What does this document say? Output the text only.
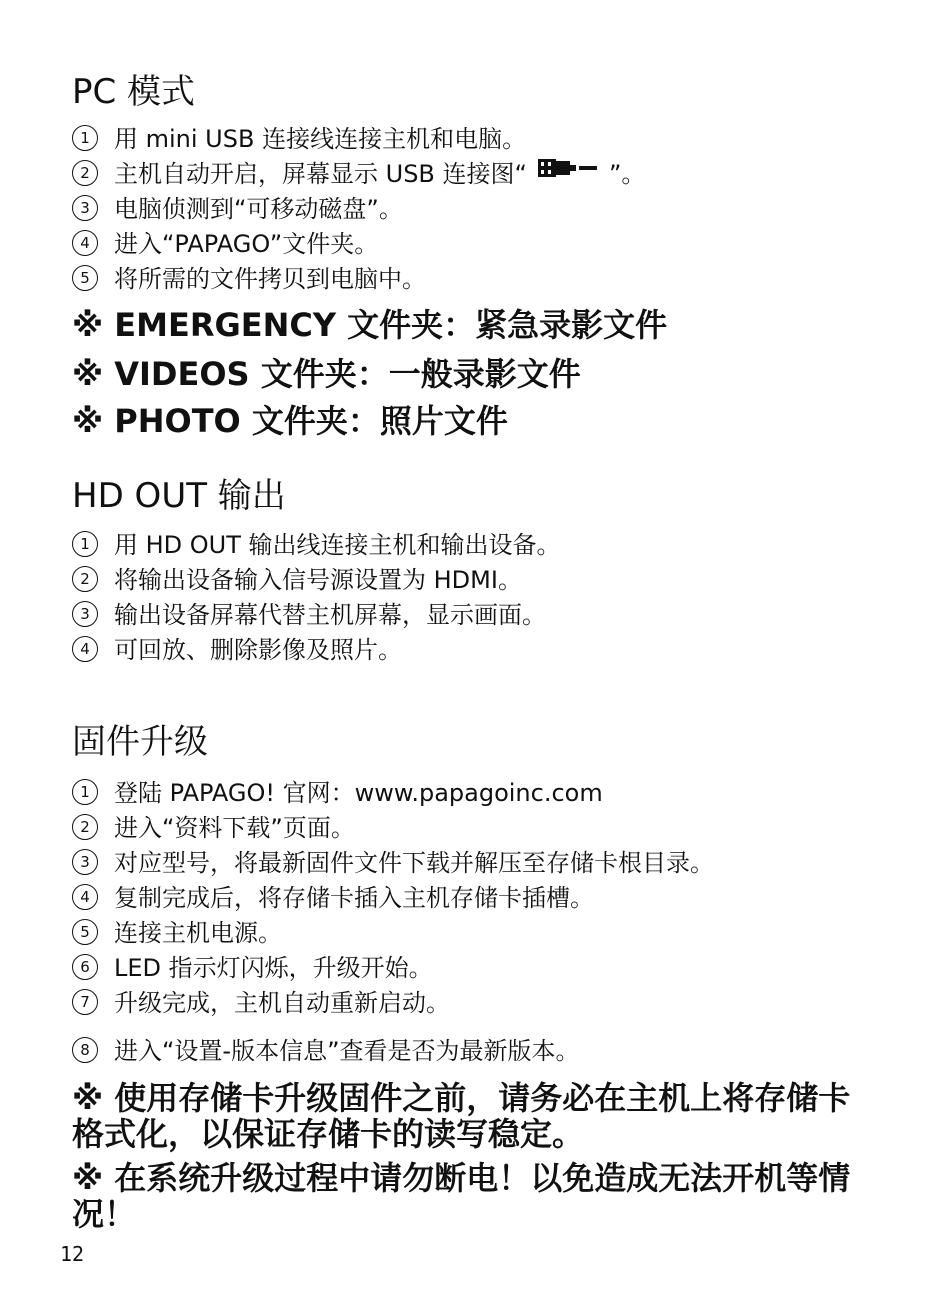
PC 模式
1 用 mini USB 连接线连接主机和电脑。
2 主机自动开启，屏幕显示 USB 连接图“	”。
3 电脑侦测到“可移动磁盘”。
4 进入“PAPAGO”文件夹。
5 将所需的文件拷贝到电脑中。
※ EMERGENCY 文件夹：紧急录影文件
※ VIDEOS 文件夹：一般录影文件
※ PHOTO 文件夹：照片文件
HD OUT 输出
1 用 HD OUT 输出线连接主机和输出设备。
2 将输出设备输入信号源设置为 HDMI。
3 输出设备屏幕代替主机屏幕，显示画面。
4 可回放、删除影像及照片。
固件升级
1 登陆 PAPAGO! 官网：www.papagoinc.com
2 进入“资料下载”页面。
3 对应型号，将最新固件文件下载并解压至存储卡根目录。
4 复制完成后，将存储卡插入主机存储卡插槽。
5 连接主机电源。
6 LED 指示灯闪烁，升级开始。
7 升级完成，主机自动重新启动。
8 进入“设置-版本信息”查看是否为最新版本。
※ 使用存储卡升级固件之前，请务必在主机上将存储卡格式化，以保证存储卡的读写稳定。
※ 在系统升级过程中请勿断电！以免造成无法开机等情况！
12
